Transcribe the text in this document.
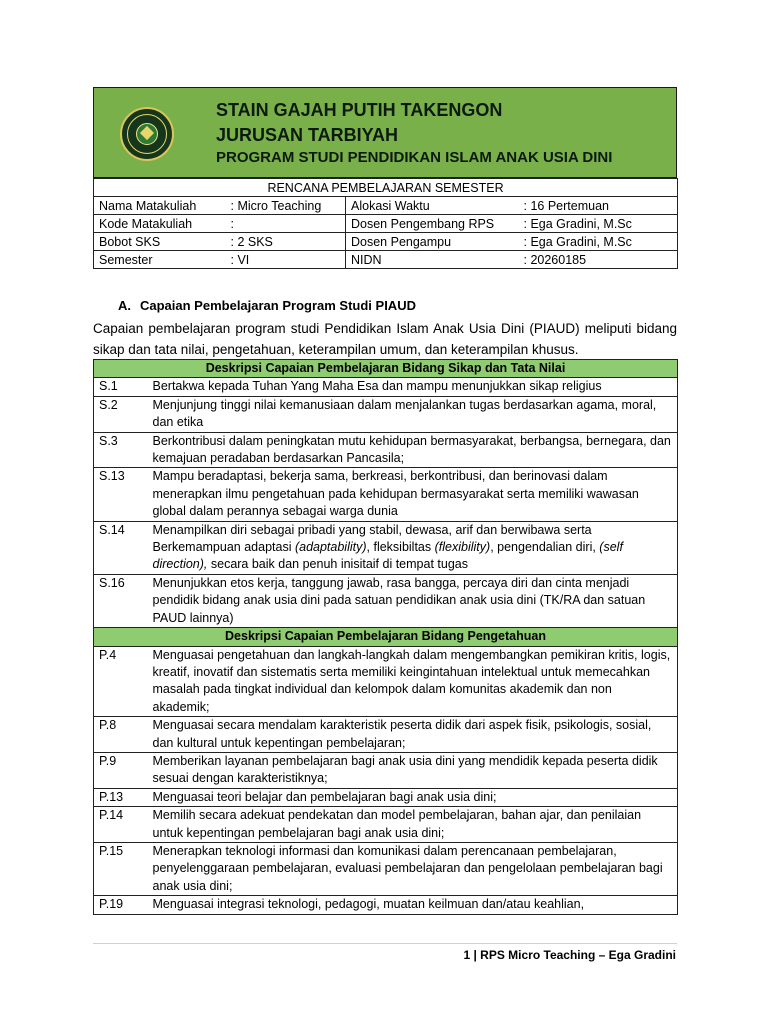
STAIN GAJAH PUTIH TAKENGON
JURUSAN TARBIYAH
PROGRAM STUDI PENDIDIKAN ISLAM ANAK USIA DINI
RENCANA PEMBELAJARAN SEMESTER			
Nama Matakuliah	: Micro Teaching	Alokasi Waktu	: 16 Pertemuan
Kode Matakuliah	:	Dosen Pengembang RPS	: Ega Gradini, M.Sc
Bobot SKS	: 2 SKS	Dosen Pengampu	: Ega Gradini, M.Sc
Semester	: VI	NIDN	: 20260185
A. Capaian Pembelajaran Program Studi PIAUD
Capaian pembelajaran program studi Pendidikan Islam Anak Usia Dini (PIAUD) meliputi bidang sikap dan tata nilai, pengetahuan, keterampilan umum, dan keterampilan khusus.
Deskripsi Capaian Pembelajaran Bidang Sikap dan Tata Nilai	
S.1	Bertakwa kepada Tuhan Yang Maha Esa dan mampu menunjukkan sikap religius
S.2	Menjunjung tinggi nilai kemanusiaan dalam menjalankan tugas berdasarkan agama, moral, dan etika
S.3	Berkontribusi dalam peningkatan mutu kehidupan bermasyarakat, berbangsa, bernegara, dan kemajuan peradaban berdasarkan Pancasila;
S.13	Mampu beradaptasi, bekerja sama, berkreasi, berkontribusi, dan berinovasi dalam menerapkan ilmu pengetahuan pada kehidupan bermasyarakat serta memiliki wawasan global dalam perannya sebagai warga dunia
S.14	Menampilkan diri sebagai pribadi yang stabil, dewasa, arif dan berwibawa serta Berkemampuan adaptasi (adaptability), fleksibiltas (flexibility), pengendalian diri, (self direction), secara baik dan penuh inisitaif di tempat tugas
S.16	Menunjukkan etos kerja, tanggung jawab, rasa bangga, percaya diri dan cinta menjadi pendidik bidang anak usia dini pada satuan pendidikan anak usia dini (TK/RA dan satuan PAUD lainnya)
Deskripsi Capaian Pembelajaran Bidang Pengetahuan	
P.4	Menguasai pengetahuan dan langkah-langkah dalam mengembangkan pemikiran kritis, logis, kreatif, inovatif dan sistematis serta memiliki keingintahuan intelektual untuk memecahkan masalah pada tingkat individual dan kelompok dalam komunitas akademik dan non akademik;
P.8	Menguasai secara mendalam karakteristik peserta didik dari aspek fisik, psikologis, sosial, dan kultural untuk kepentingan pembelajaran;
P.9	Memberikan layanan pembelajaran bagi anak usia dini yang mendidik kepada peserta didik sesuai dengan karakteristiknya;
P.13	Menguasai teori belajar dan pembelajaran bagi anak usia dini;
P.14	Memilih secara adekuat pendekatan dan model pembelajaran, bahan ajar, dan penilaian untuk kepentingan pembelajaran bagi anak usia dini;
P.15	Menerapkan teknologi informasi dan komunikasi dalam perencanaan pembelajaran, penyelenggaraan pembelajaran, evaluasi pembelajaran dan pengelolaan pembelajaran bagi anak usia dini;
P.19	Menguasai integrasi teknologi, pedagogi, muatan keilmuan dan/atau keahlian,
1 | RPS Micro Teaching – Ega Gradini
